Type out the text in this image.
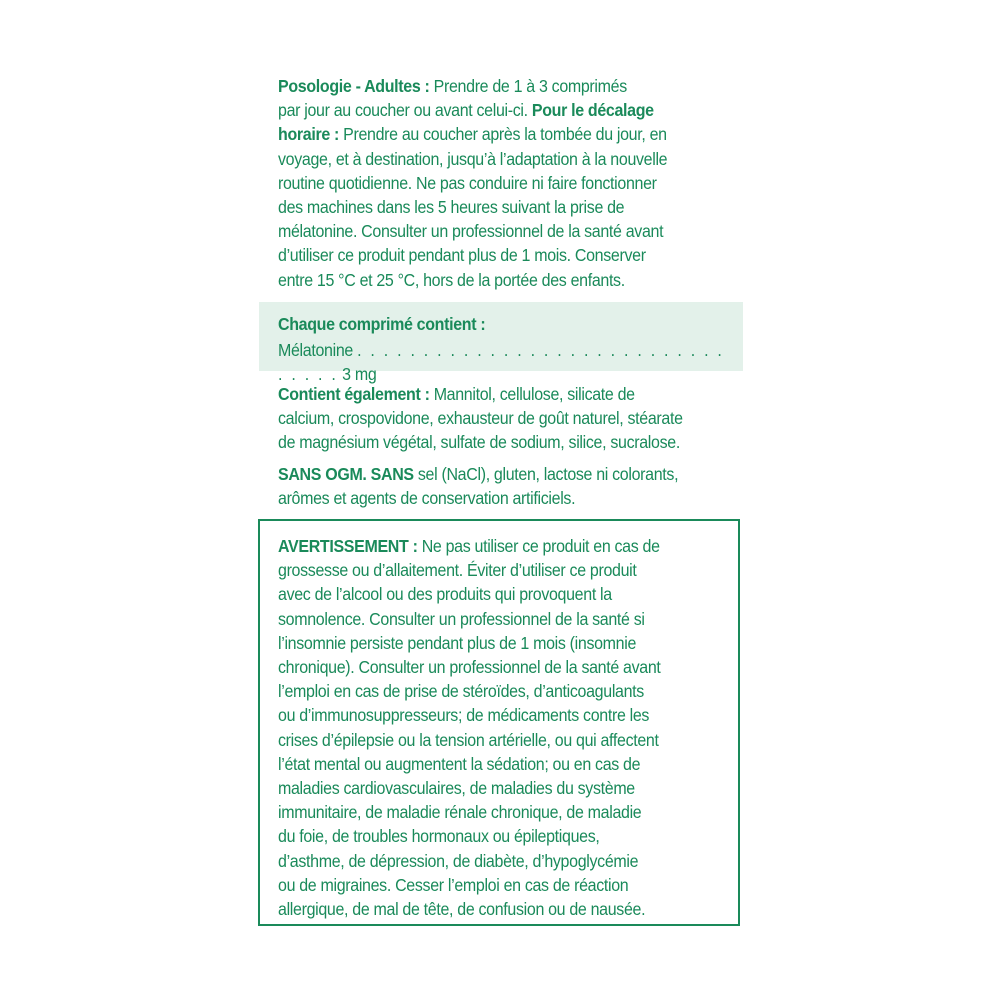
Posologie - Adultes : Prendre de 1 à 3 comprimés
par jour au coucher ou avant celui-ci. Pour le décalage
horaire : Prendre au coucher après la tombée du jour, en
voyage, et à destination, jusqu’à l’adaptation à la nouvelle
routine quotidienne. Ne pas conduire ni faire fonctionner
des machines dans les 5 heures suivant la prise de
mélatonine. Consulter un professionnel de la santé avant
d’utiliser ce produit pendant plus de 1 mois. Conserver
entre 15 °C et 25 °C, hors de la portée des enfants.
Chaque comprimé contient :
Mélatonine . . . . . . . . . . . . . . . . . . . . . . . . . . . . . . . . . 3 mg
Contient également : Mannitol, cellulose, silicate de
calcium, crospovidone, exhausteur de goût naturel, stéarate
de magnésium végétal, sulfate de sodium, silice, sucralose.
SANS OGM. SANS sel (NaCl), gluten, lactose ni colorants,
arômes et agents de conservation artificiels.
AVERTISSEMENT : Ne pas utiliser ce produit en cas de
grossesse ou d’allaitement. Éviter d’utiliser ce produit
avec de l’alcool ou des produits qui provoquent la
somnolence. Consulter un professionnel de la santé si
l’insomnie persiste pendant plus de 1 mois (insomnie
chronique). Consulter un professionnel de la santé avant
l’emploi en cas de prise de stéroïdes, d’anticoagulants
ou d’immunosuppresseurs; de médicaments contre les
crises d’épilepsie ou la tension artérielle, ou qui affectent
l’état mental ou augmentent la sédation; ou en cas de
maladies cardiovasculaires, de maladies du système
immunitaire, de maladie rénale chronique, de maladie
du foie, de troubles hormonaux ou épileptiques,
d’asthme, de dépression, de diabète, d’hypoglycémie
ou de migraines. Cesser l’emploi en cas de réaction
allergique, de mal de tête, de confusion ou de nausée.
